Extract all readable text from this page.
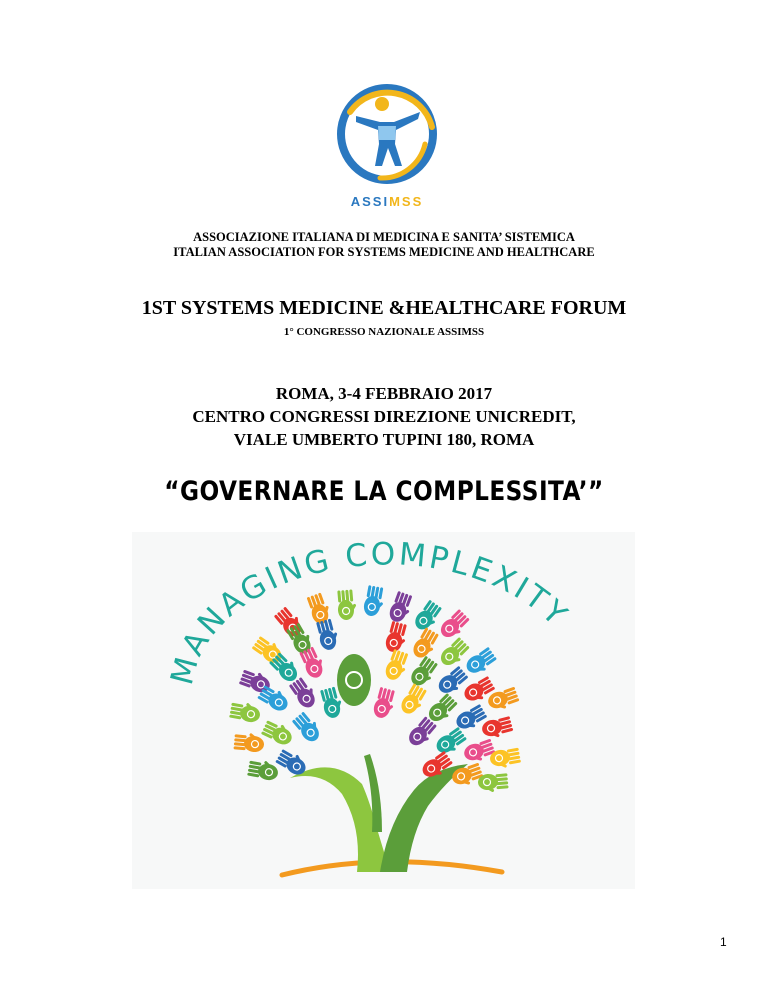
ASSIMSS
ASSOCIAZIONE ITALIANA DI MEDICINA E SANITA’ SISTEMICA
ITALIAN ASSOCIATION FOR SYSTEMS MEDICINE AND HEALTHCARE
1ST SYSTEMS MEDICINE &HEALTHCARE FORUM
1° CONGRESSO NAZIONALE ASSIMSS
ROMA, 3-4 FEBBRAIO 2017
CENTRO CONGRESSI DIREZIONE UNICREDIT,
VIALE UMBERTO TUPINI 180, ROMA
“GOVERNARE LA COMPLESSITA’”
MANAGING COMPLEXITY
1
